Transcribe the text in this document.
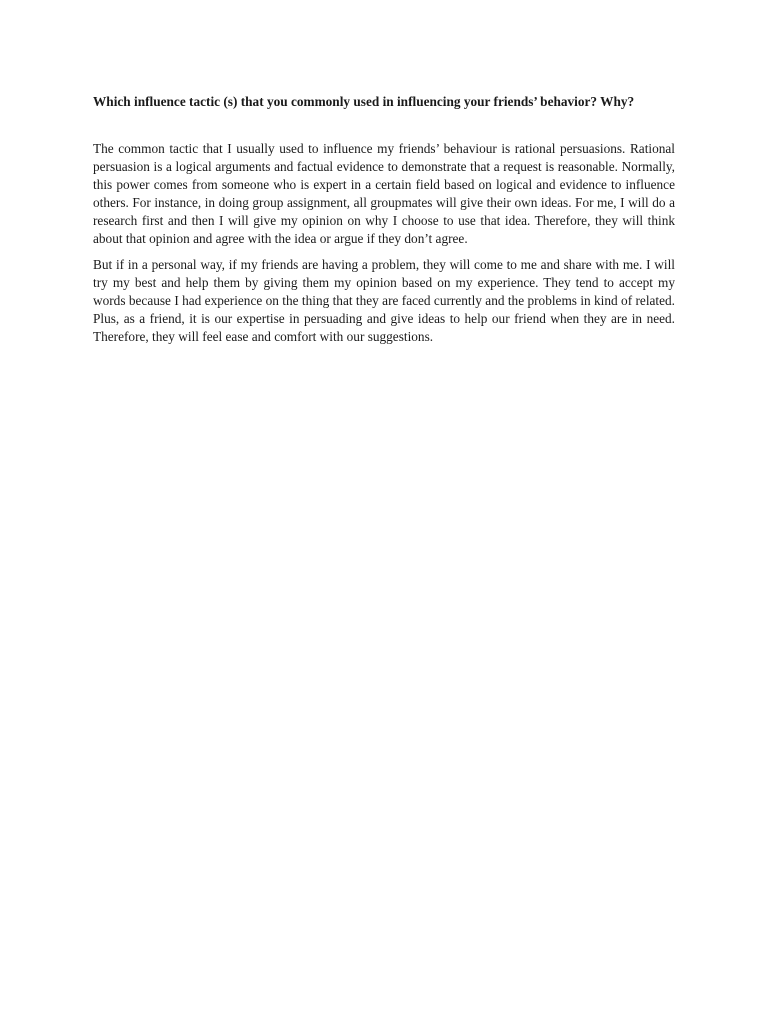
Which influence tactic (s) that you commonly used in influencing your friends’ behavior? Why?

The common tactic that I usually used to influence my friends’ behaviour is rational persuasions. Rational persuasion is a logical arguments and factual evidence to demonstrate that a request is reasonable. Normally, this power comes from someone who is expert in a certain field based on logical and evidence to influence others. For instance, in doing group assignment, all groupmates will give their own ideas. For me, I will do a research first and then I will give my opinion on why I choose to use that idea. Therefore, they will think about that opinion and agree with the idea or argue if they don’t agree.

But if in a personal way, if my friends are having a problem, they will come to me and share with me. I will try my best and help them by giving them my opinion based on my experience. They tend to accept my words because I had experience on the thing that they are faced currently and the problems in kind of related. Plus, as a friend, it is our expertise in persuading and give ideas to help our friend when they are in need. Therefore, they will feel ease and comfort with our suggestions.
